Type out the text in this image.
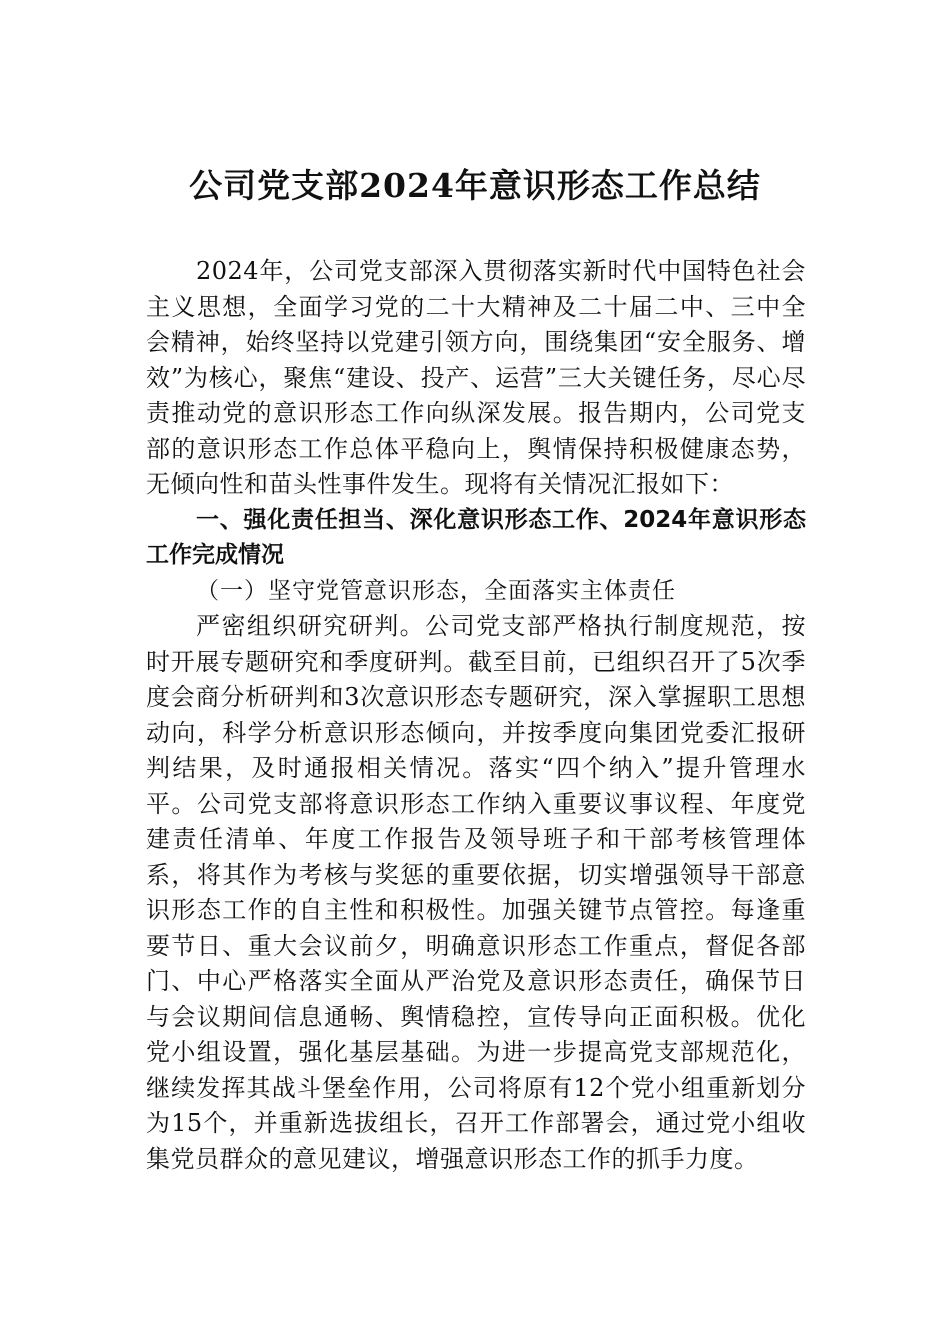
公司党支部2024年意识形态工作总结

2024年，公司党支部深入贯彻落实新时代中国特色社会主义思想，全面学习党的二十大精神及二十届二中、三中全会精神，始终坚持以党建引领方向，围绕集团“安全服务、增效”为核心，聚焦“建设、投产、运营”三大关键任务，尽心尽责推动党的意识形态工作向纵深发展。报告期内，公司党支部的意识形态工作总体平稳向上，舆情保持积极健康态势，无倾向性和苗头性事件发生。现将有关情况汇报如下：

一、强化责任担当、深化意识形态工作、2024年意识形态工作完成情况

（一）坚守党管意识形态，全面落实主体责任

严密组织研究研判。公司党支部严格执行制度规范，按时开展专题研究和季度研判。截至目前，已组织召开了5次季度会商分析研判和3次意识形态专题研究，深入掌握职工思想动向，科学分析意识形态倾向，并按季度向集团党委汇报研判结果，及时通报相关情况。落实“四个纳入”提升管理水平。公司党支部将意识形态工作纳入重要议事议程、年度党建责任清单、年度工作报告及领导班子和干部考核管理体系，将其作为考核与奖惩的重要依据，切实增强领导干部意识形态工作的自主性和积极性。加强关键节点管控。每逢重要节日、重大会议前夕，明确意识形态工作重点，督促各部门、中心严格落实全面从严治党及意识形态责任，确保节日与会议期间信息通畅、舆情稳控，宣传导向正面积极。优化党小组设置，强化基层基础。为进一步提高党支部规范化，继续发挥其战斗堡垒作用，公司将原有12个党小组重新划分为15个，并重新选拔组长，召开工作部署会，通过党小组收集党员群众的意见建议，增强意识形态工作的抓手力度。
